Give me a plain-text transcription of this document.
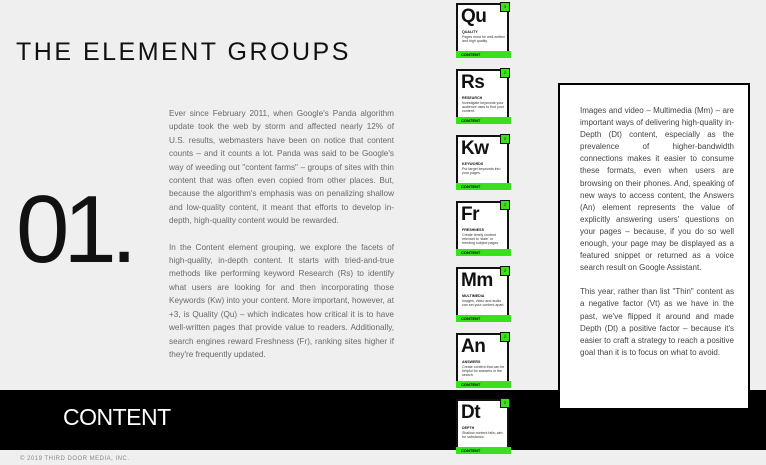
THE ELEMENT GROUPS
01.

Ever since February 2011, when Google's Panda algorithm update took the web by storm and affected nearly 12% of U.S. results, webmasters have been on notice that content counts – and it counts a lot. Panda was said to be Google's way of weeding out "content farms" – groups of sites with thin content that was often even copied from other places. But, because the algorithm's emphasis was on penalizing shallow and low-quality content, it meant that efforts to develop in-depth, high-quality content would be rewarded.

In the Content element grouping, we explore the facets of high-quality, in-depth content. It starts with tried-and-true methods like performing keyword Research (Rs) to identify what users are looking for and then incorporating those Keywords (Kw) into your content. More important, however, at +3, is Quality (Qu) – which indicates how critical it is to have well-written pages that provide value to readers. Additionally, search engines reward Freshness (Fr), ranking sites higher if they're frequently updated.

CONTENT
© 2019 THIRD DOOR MEDIA, INC.
3
Qu
QUALITY
Pages must be well-written and high quality.
CONTENT
2
Rs
RESEARCH
Investigate keywords your audience uses to find your content.
CONTENT
2
Kw
KEYWORDS
Put target keywords into your pages.
CONTENT
2
Fr
FRESHNESS
Create timely content relevant to 'stale' or trending subject pages.
CONTENT
2
Mm
MULTIMEDIA
Images, video and audio can set your content apart.
CONTENT
2
An
ANSWERS
Create content that can be helpful for answers in the search.
CONTENT
2
Dt
DEPTH
Shallow content fails; aim for substance.
CONTENT

Images and video – Multimedia (Mm) – are important ways of delivering high-quality in-Depth (Dt) content, especially as the prevalence of higher-bandwidth connections makes it easier to consume these formats, even when users are browsing on their phones. And, speaking of new ways to access content, the Answers (An) element represents the value of explicitly answering users' questions on your pages – because, if you do so well enough, your page may be displayed as a featured snippet or returned as a voice search result on Google Assistant.

This year, rather than list "Thin" content as a negative factor (Vt) as we have in the past, we've flipped it around and made Depth (Dt) a positive factor – because it's easier to craft a strategy to reach a positive goal than it is to focus on what to avoid.
